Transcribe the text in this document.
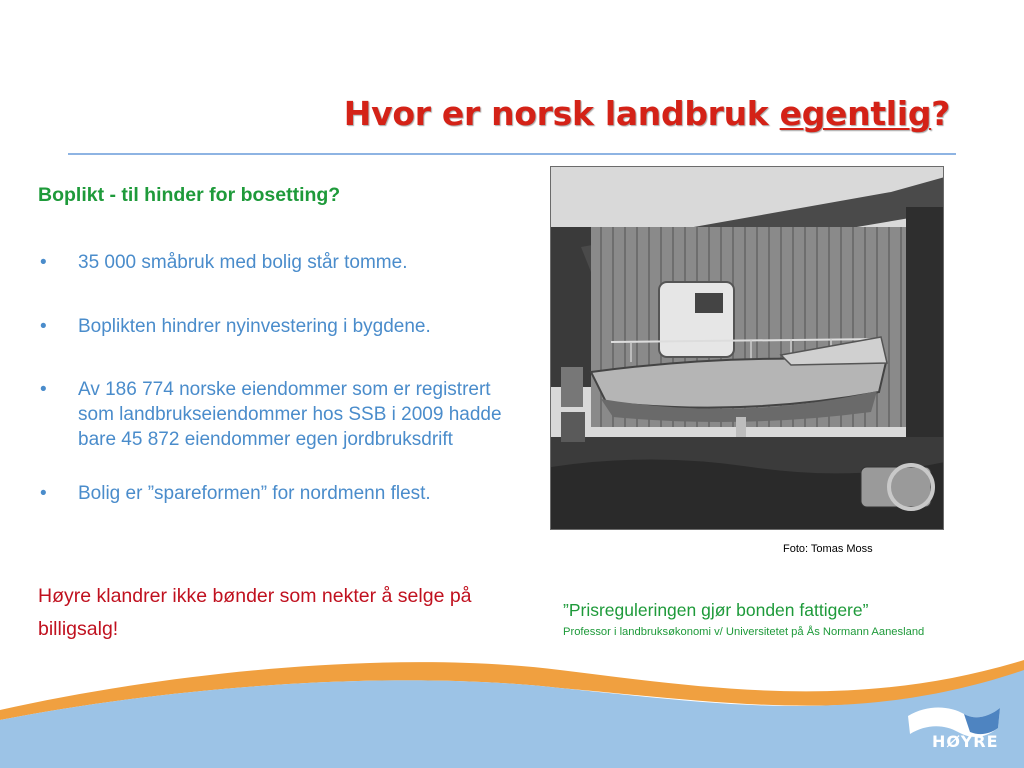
Hvor er norsk landbruk egentlig?
Boplikt - til hinder for bosetting?
• 35 000 småbruk med bolig står tomme.
• Boplikten hindrer nyinvestering i bygdene.
• Av 186 774 norske eiendommer som er registrert som landbrukseiendommer hos SSB i 2009 hadde bare 45 872 eiendommer egen jordbruksdrift
• Bolig er ”spareformen” for nordmenn flest.
Høyre klandrer ikke bønder som nekter å selge på billigsalg!
Foto: Tomas Moss
”Prisreguleringen gjør bonden fattigere”
Professor i landbruksøkonomi v/ Universitetet på Ås Normann Aanesland
HØYRE
